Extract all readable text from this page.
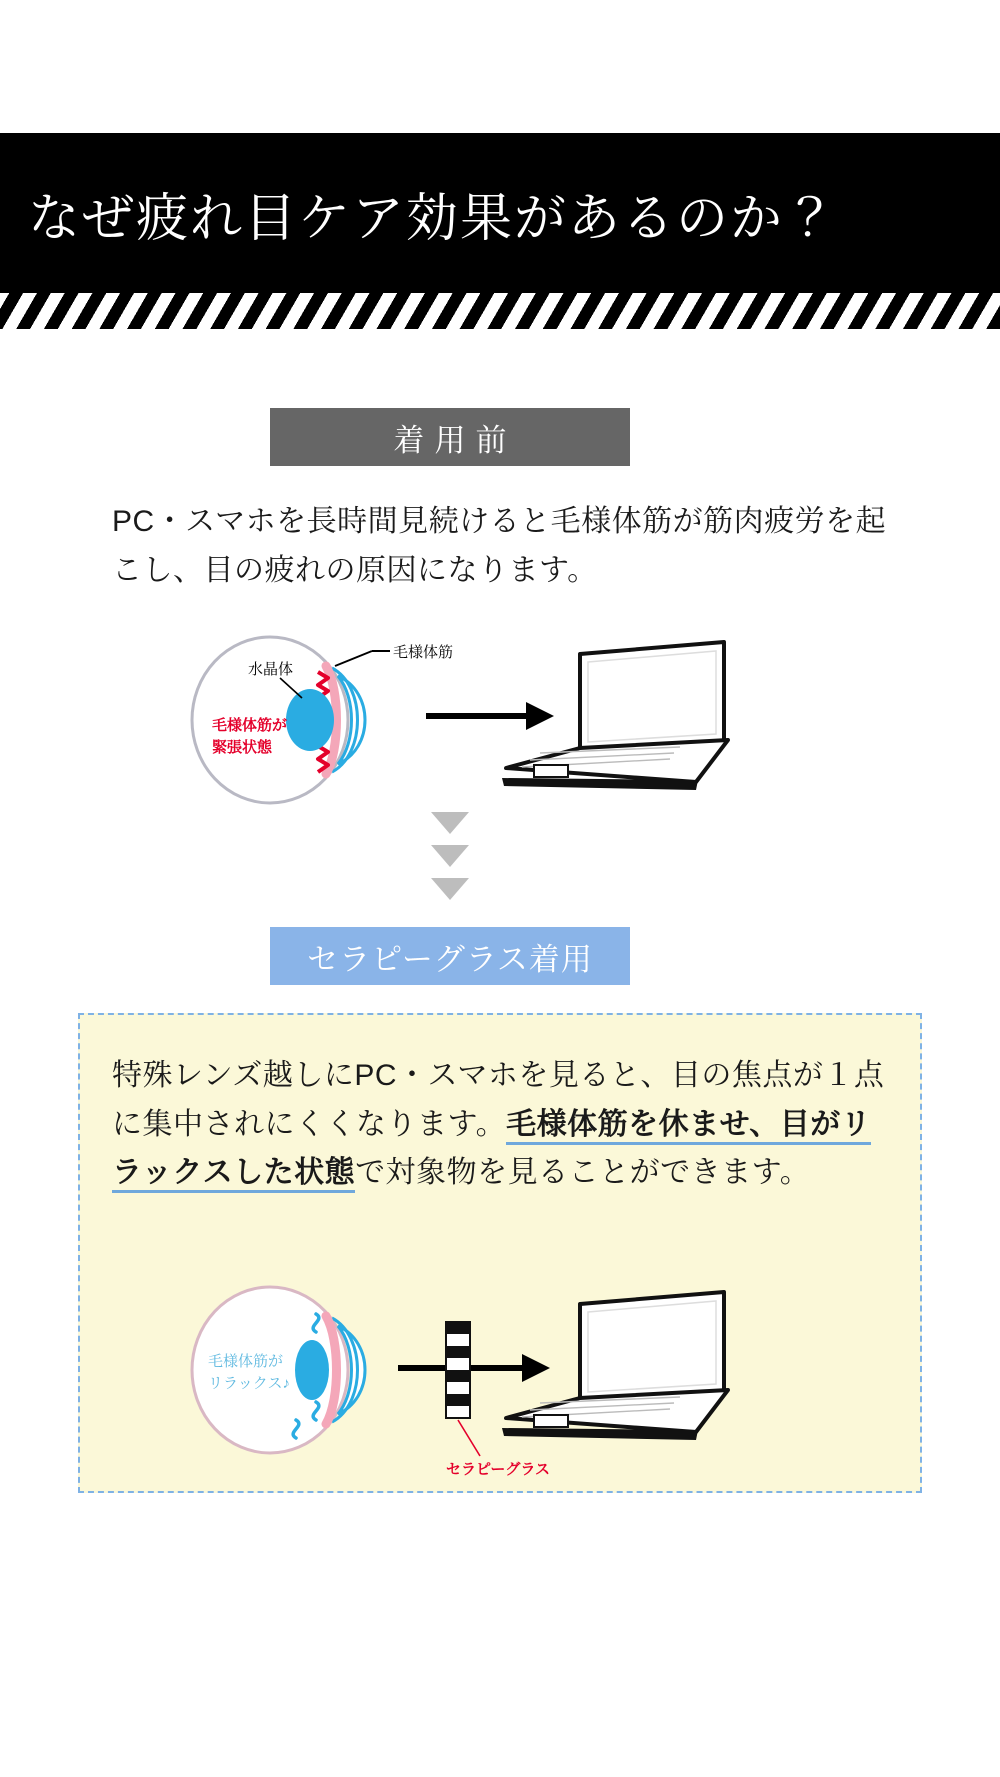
なぜ疲れ目ケア効果があるのか？
着用前
PC・スマホを長時間見続けると毛様体筋が筋肉疲労を起こし、目の疲れの原因になります。
毛様体筋
水晶体
毛様体筋が
緊張状態
セラピーグラス着用
特殊レンズ越しにPC・スマホを見ると、目の焦点が１点に集中されにくくなります。毛様体筋を休ませ、目がリラックスした状態で対象物を見ることができます。
毛様体筋が
リラックス♪
セラピーグラス
